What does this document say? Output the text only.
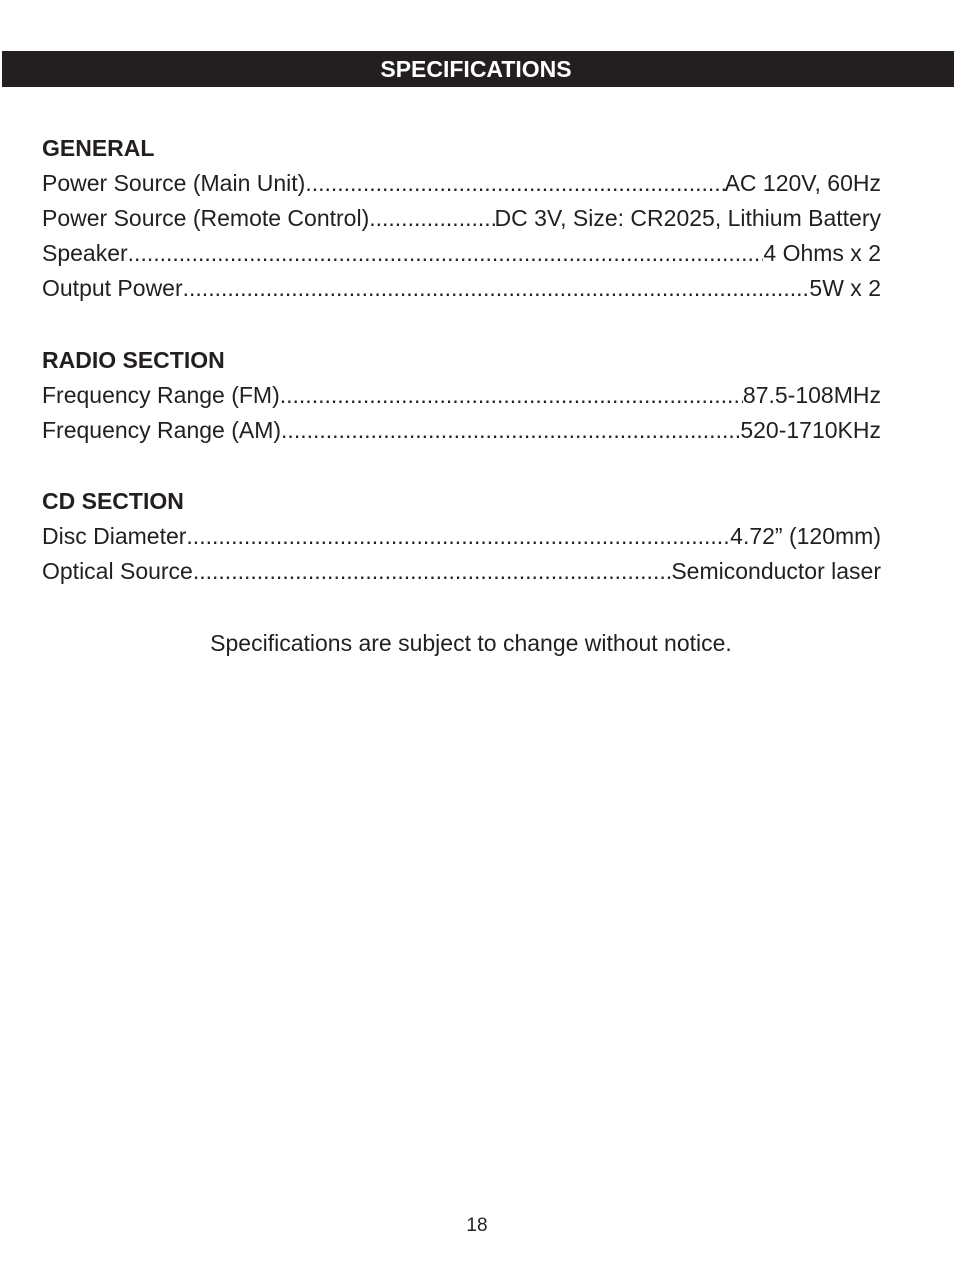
SPECIFICATIONS
GENERAL
Power Source (Main Unit) .....	AC 120V, 60Hz
Power Source (Remote Control) .....	DC 3V, Size: CR2025, Lithium Battery
Speaker .....	4 Ohms x 2
Output Power .....	5W x 2
RADIO SECTION
Frequency Range (FM) .....	87.5-108MHz
Frequency Range (AM) .....	520-1710KHz
CD SECTION
Disc Diameter .....	4.72” (120mm)
Optical Source .....	Semiconductor laser
Specifications are subject to change without notice.
18
